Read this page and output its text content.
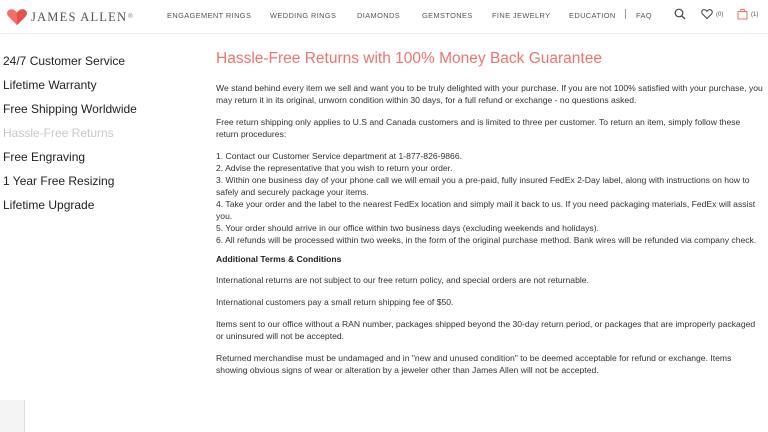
JAMES ALLEN ®	ENGAGEMENT RINGS	WEDDING RINGS	DIAMONDS	GEMSTONES	FINE JEWELRY	EDUCATION	FAQ	(0)	(1)
24/7 Customer Service
Lifetime Warranty
Free Shipping Worldwide
Hassle-Free Returns
Free Engraving
1 Year Free Resizing
Lifetime Upgrade
Hassle-Free Returns with 100% Money Back Guarantee

We stand behind every item we sell and want you to be truly delighted with your purchase. If you are not 100% satisfied with your purchase, you may return it in its original, unworn condition within 30 days, for a full refund or exchange - no questions asked.

Free return shipping only applies to U.S and Canada customers and is limited to three per customer. To return an item, simply follow these return procedures:

1. Contact our Customer Service department at 1-877-826-9866.
2. Advise the representative that you wish to return your order.
3. Within one business day of your phone call we will email you a pre-paid, fully insured FedEx 2-Day label, along with instructions on how to safely and securely package your items.
4. Take your order and the label to the nearest FedEx location and simply mail it back to us. If you need packaging materials, FedEx will assist you.
5. Your order should arrive in our office within two business days (excluding weekends and holidays).
6. All refunds will be processed within two weeks, in the form of the original purchase method. Bank wires will be refunded via company check.

Additional Terms & Conditions

International returns are not subject to our free return policy, and special orders are not returnable.

International customers pay a small return shipping fee of $50.

Items sent to our office without a RAN number, packages shipped beyond the 30-day return period, or packages that are improperly packaged or uninsured will not be accepted.

Returned merchandise must be undamaged and in "new and unused condition" to be deemed acceptable for refund or exchange. Items showing obvious signs of wear or alteration by a jeweler other than James Allen will not be accepted.
